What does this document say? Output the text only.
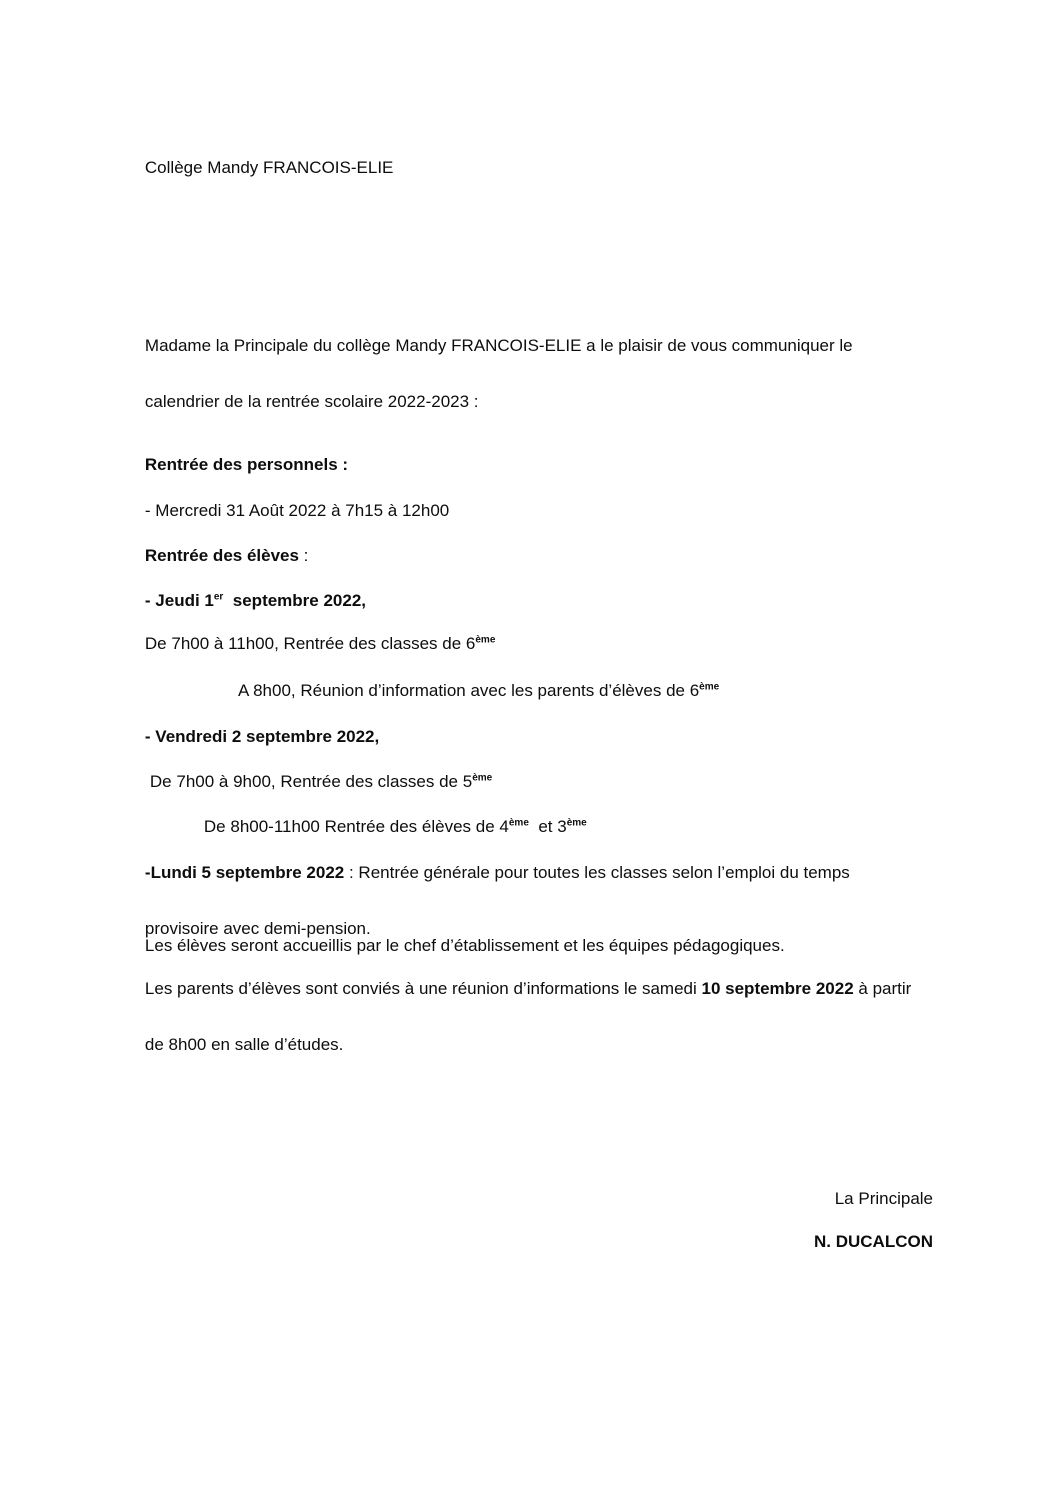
Collège Mandy FRANCOIS-ELIE

Madame la Principale du collège Mandy FRANCOIS-ELIE a le plaisir de vous communiquer le

calendrier de la rentrée scolaire 2022-2023 :

Rentrée des personnels :

- Mercredi 31 Août 2022 à 7h15 à 12h00

Rentrée des élèves :

- Jeudi 1er  septembre 2022,

De 7h00 à 11h00, Rentrée des classes de 6ème

A 8h00, Réunion d’information avec les parents d’élèves de 6ème

- Vendredi 2 septembre 2022,

De 7h00 à 9h00, Rentrée des classes de 5ème

De 8h00-11h00 Rentrée des élèves de 4ème  et 3ème

-Lundi 5 septembre 2022 : Rentrée générale pour toutes les classes selon l’emploi du temps

provisoire avec demi-pension.

Les élèves seront accueillis par le chef d’établissement et les équipes pédagogiques.

Les parents d’élèves sont conviés à une réunion d’informations le samedi 10 septembre 2022 à partir

de 8h00 en salle d’études.

La Principale

N. DUCALCON
